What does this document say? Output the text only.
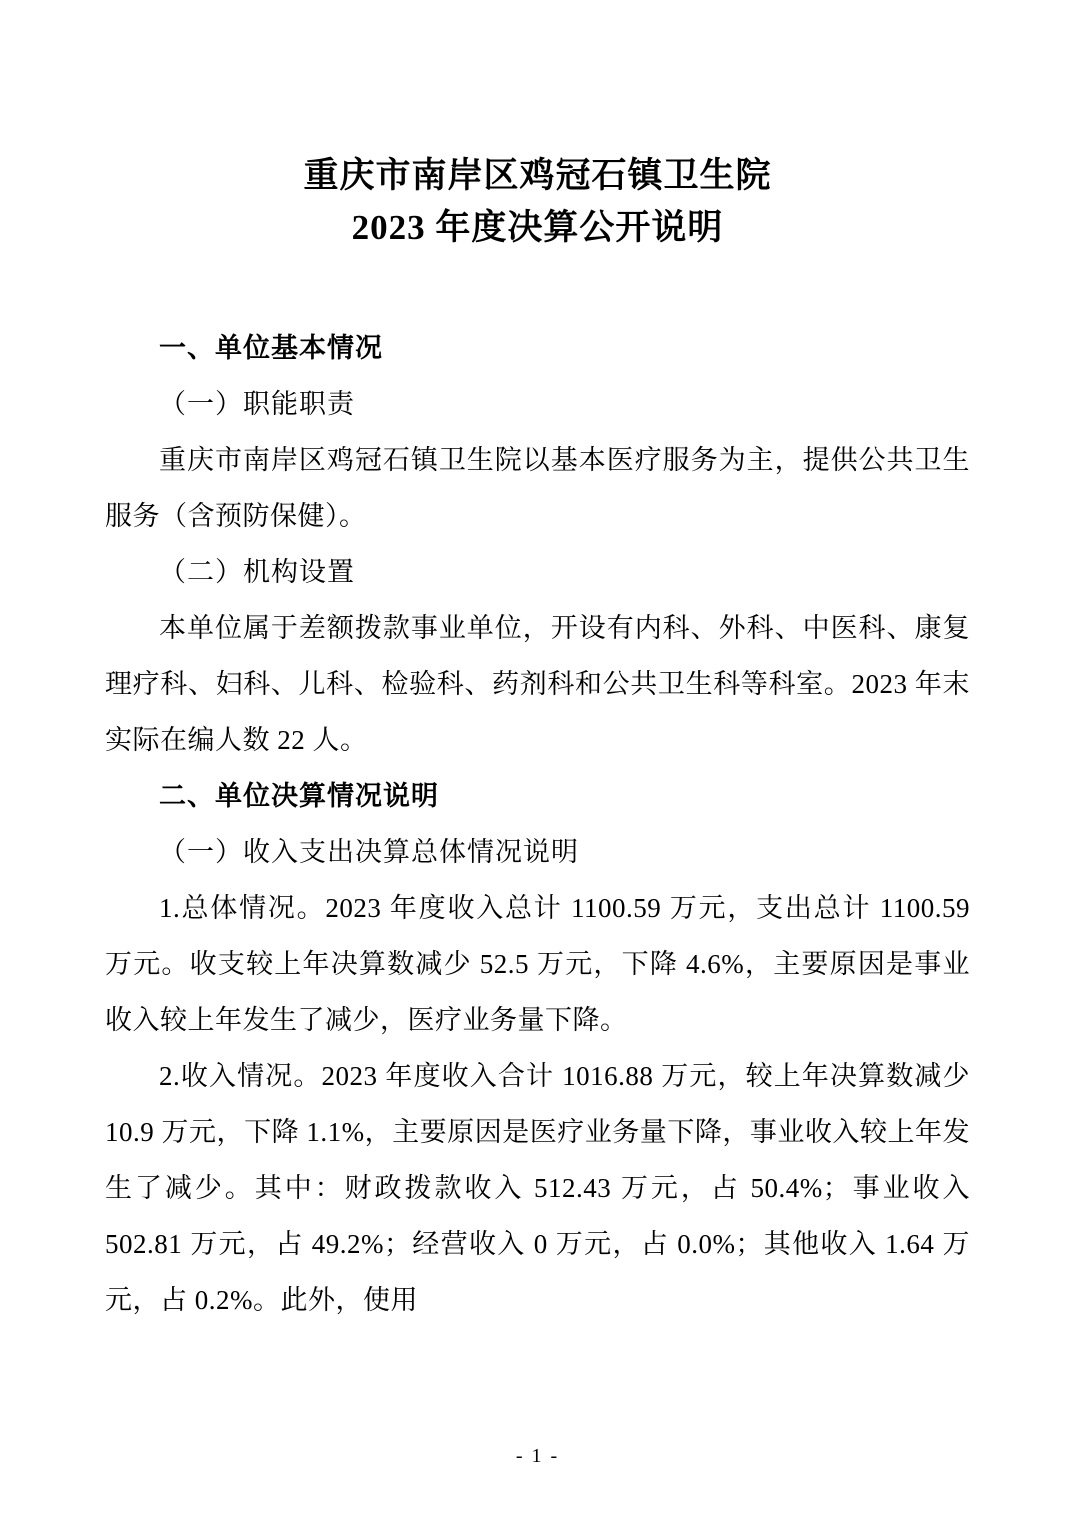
重庆市南岸区鸡冠石镇卫生院
2023 年度决算公开说明

一、单位基本情况

（一）职能职责

重庆市南岸区鸡冠石镇卫生院以基本医疗服务为主，提供公共卫生服务（含预防保健）。

（二）机构设置

本单位属于差额拨款事业单位，开设有内科、外科、中医科、康复理疗科、妇科、儿科、检验科、药剂科和公共卫生科等科室。2023 年末实际在编人数 22 人。

二、单位决算情况说明

（一）收入支出决算总体情况说明

1.总体情况。2023 年度收入总计 1100.59 万元，支出总计 1100.59 万元。收支较上年决算数减少 52.5 万元，下降 4.6%，主要原因是事业收入较上年发生了减少，医疗业务量下降。

2.收入情况。2023 年度收入合计 1016.88 万元，较上年决算数减少 10.9 万元，下降 1.1%，主要原因是医疗业务量下降，事业收入较上年发生了减少。其中：财政拨款收入 512.43 万元，占 50.4%；事业收入 502.81 万元，占 49.2%；经营收入 0 万元，占 0.0%；其他收入 1.64 万元，占 0.2%。此外，使用

- 1 -
